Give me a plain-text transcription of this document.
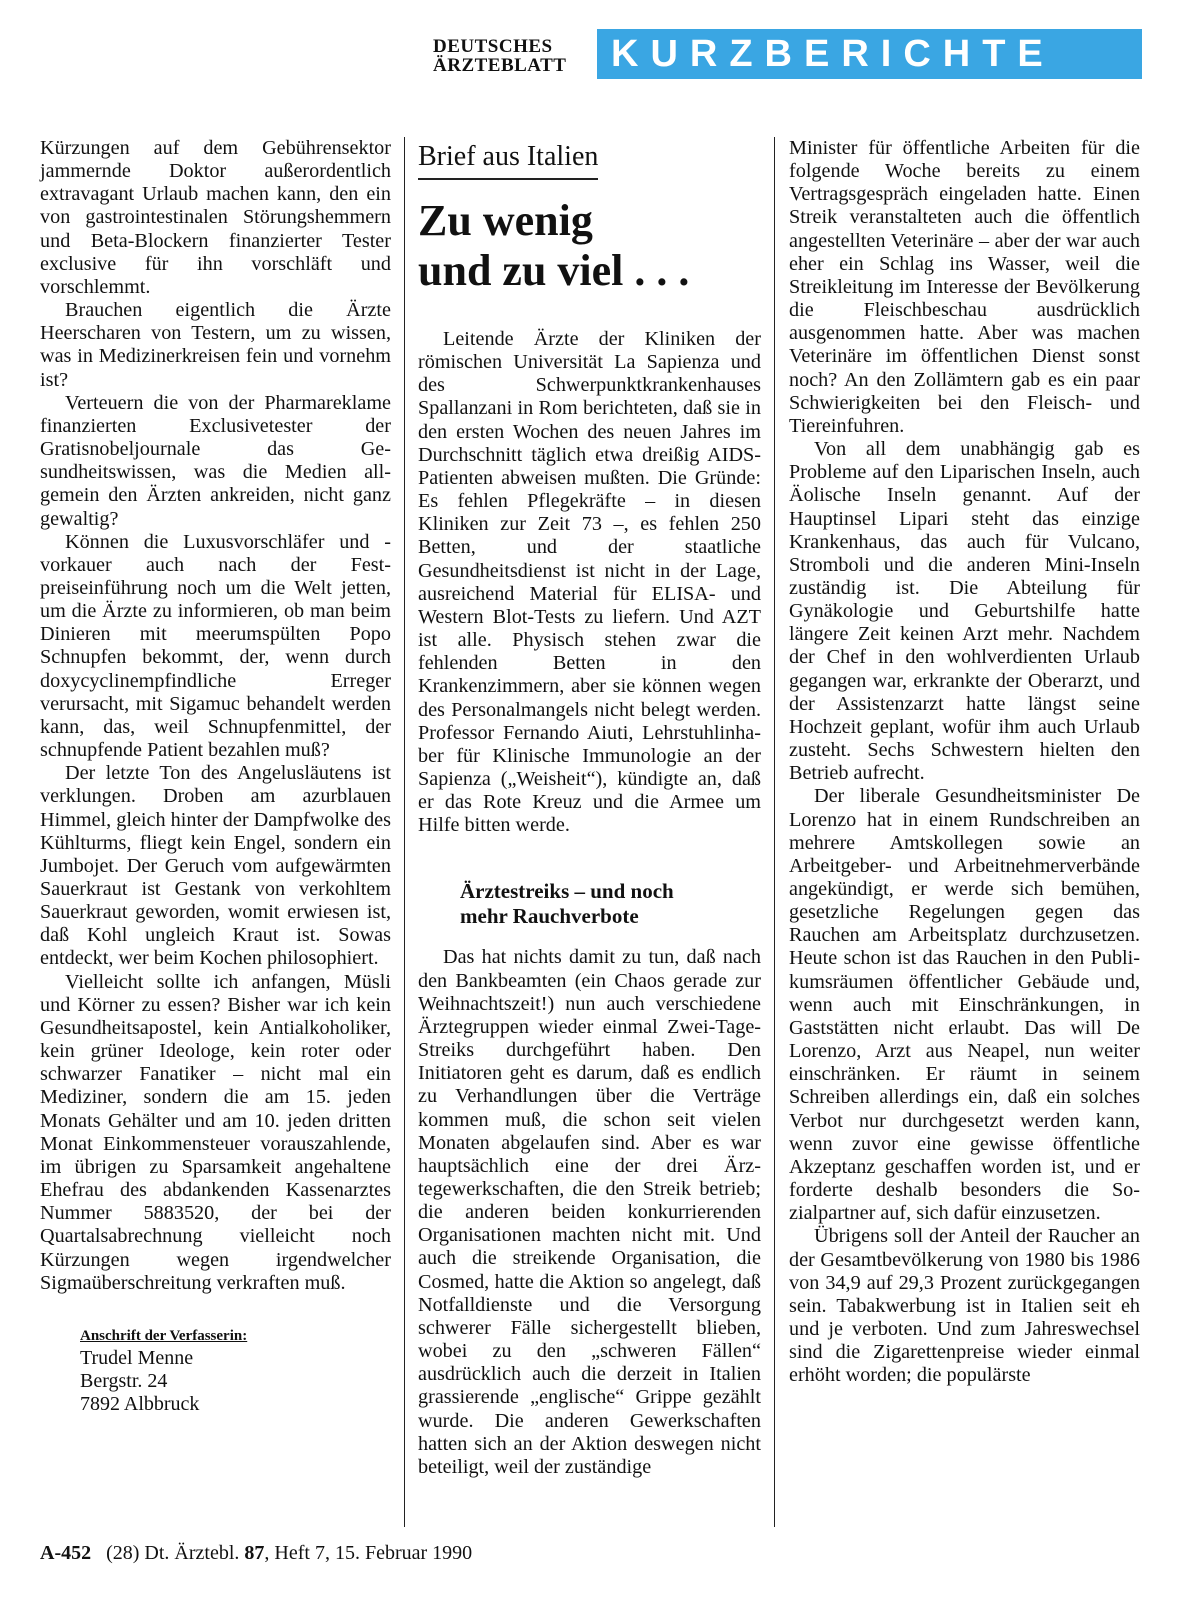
DEUTSCHES
ÄRZTEBLATT	KURZBERICHTE

Kürzungen auf dem Gebührensektor jammernde Doktor außerordentlich extravagant Urlaub machen kann, den ein von gastrointestinalen Störungshemmern und Beta-Blockern finanzierter Tester exclusive für ihn vorschläft und vorschlemmt.

Brauchen eigentlich die Ärzte Heerscharen von Testern, um zu wissen, was in Medizinerkreisen fein und vornehm ist?

Verteuern die von der Pharmareklame finanzierten Exclusivetester der Gratisnobeljournale das Gesundheitswissen, was die Medien allgemein den Ärzten ankreiden, nicht ganz gewaltig?

Können die Luxusvorschläfer und -vorkauer auch nach der Festpreiseinführung noch um die Welt jetten, um die Ärzte zu informieren, ob man beim Dinieren mit meerumspülten Popo Schnupfen bekommt, der, wenn durch doxycyclinempfindliche Erreger verursacht, mit Sigamuc behandelt werden kann, das, weil Schnupfenmittel, der schnupfende Patient bezahlen muß?

Der letzte Ton des Angelusläutens ist verklungen. Droben am azurblauen Himmel, gleich hinter der Dampfwolke des Kühlturms, fliegt kein Engel, sondern ein Jumbojet. Der Geruch vom aufgewärmten Sauerkraut ist Gestank von verkohltem Sauerkraut geworden, womit erwiesen ist, daß Kohl ungleich Kraut ist. Sowas entdeckt, wer beim Kochen philosophiert.

Vielleicht sollte ich anfangen, Müsli und Körner zu essen? Bisher war ich kein Gesundheitsapostel, kein Antialkoholiker, kein grüner Ideologe, kein roter oder schwarzer Fanatiker – nicht mal ein Mediziner, sondern die am 15. jeden Monats Gehälter und am 10. jeden dritten Monat Einkommensteuer vorauszahlende, im übrigen zu Sparsamkeit angehaltene Ehefrau des abdankenden Kassenarztes Nummer 5883520, der bei der Quartalsabrechnung vielleicht noch Kürzungen wegen irgendwelcher Sigmaüberschreitung verkraften muß.

Anschrift der Verfasserin:
Trudel Menne
Bergstr. 24
7892 Albbruck
Brief aus Italien
Zu wenig
und zu viel . . .

Leitende Ärzte der Kliniken der römischen Universität La Sapienza und des Schwerpunktkrankenhauses Spallanzani in Rom berichteten, daß sie in den ersten Wochen des neuen Jahres im Durchschnitt täglich etwa dreißig AIDS-Patienten abweisen mußten. Die Gründe: Es fehlen Pflegekräfte – in diesen Kliniken zur Zeit 73 –, es fehlen 250 Betten, und der staatliche Gesundheitsdienst ist nicht in der Lage, ausreichend Material für ELISA- und Western Blot-Tests zu liefern. Und AZT ist alle. Physisch stehen zwar die fehlenden Betten in den Krankenzimmern, aber sie können wegen des Personalmangels nicht belegt werden. Professor Fernando Aiuti, Lehrstuhlinhaber für Klinische Immunologie an der Sapienza („Weisheit“), kündigte an, daß er das Rote Kreuz und die Armee um Hilfe bitten werde.

Ärztestreiks – und noch
mehr Rauchverbote

Das hat nichts damit zu tun, daß nach den Bankbeamten (ein Chaos gerade zur Weihnachtszeit!) nun auch verschiedene Ärztegruppen wieder einmal Zwei-Tage-Streiks durchgeführt haben. Den Initiatoren geht es darum, daß es endlich zu Verhandlungen über die Verträge kommen muß, die schon seit vielen Monaten abgelaufen sind. Aber es war hauptsächlich eine der drei Ärztegewerkschaften, die den Streik betrieb; die anderen beiden konkurrierenden Organisationen machten nicht mit. Und auch die streikende Organisation, die Cosmed, hatte die Aktion so angelegt, daß Notfalldienste und die Versorgung schwerer Fälle sichergestellt blieben, wobei zu den „schweren Fällen“ ausdrücklich auch die derzeit in Italien grassierende „englische“ Grippe gezählt wurde. Die anderen Gewerkschaften hatten sich an der Aktion deswegen nicht beteiligt, weil der zuständige

Minister für öffentliche Arbeiten für die folgende Woche bereits zu einem Vertragsgespräch eingeladen hatte. Einen Streik veranstalteten auch die öffentlich angestellten Veterinäre – aber der war auch eher ein Schlag ins Wasser, weil die Streikleitung im Interesse der Bevölkerung die Fleischbeschau ausdrücklich ausgenommen hatte. Aber was machen Veterinäre im öffentlichen Dienst sonst noch? An den Zollämtern gab es ein paar Schwierigkeiten bei den Fleisch- und Tiereinfuhren.

Von all dem unabhängig gab es Probleme auf den Liparischen Inseln, auch Äolische Inseln genannt. Auf der Hauptinsel Lipari steht das einzige Krankenhaus, das auch für Vulcano, Stromboli und die anderen Mini-Inseln zuständig ist. Die Abteilung für Gynäkologie und Geburtshilfe hatte längere Zeit keinen Arzt mehr. Nachdem der Chef in den wohlverdienten Urlaub gegangen war, erkrankte der Oberarzt, und der Assistenzarzt hatte längst seine Hochzeit geplant, wofür ihm auch Urlaub zusteht. Sechs Schwestern hielten den Betrieb aufrecht.

Der liberale Gesundheitsminister De Lorenzo hat in einem Rundschreiben an mehrere Amtskollegen sowie an Arbeitgeber- und Arbeitnehmerverbände angekündigt, er werde sich bemühen, gesetzliche Regelungen gegen das Rauchen am Arbeitsplatz durchzusetzen. Heute schon ist das Rauchen in den Publikumsräumen öffentlicher Gebäude und, wenn auch mit Einschränkungen, in Gaststätten nicht erlaubt. Das will De Lorenzo, Arzt aus Neapel, nun weiter einschränken. Er räumt in seinem Schreiben allerdings ein, daß ein solches Verbot nur durchgesetzt werden kann, wenn zuvor eine gewisse öffentliche Akzeptanz geschaffen worden ist, und er forderte deshalb besonders die Sozialpartner auf, sich dafür einzusetzen.

Übrigens soll der Anteil der Raucher an der Gesamtbevölkerung von 1980 bis 1986 von 34,9 auf 29,3 Prozent zurückgegangen sein. Tabakwerbung ist in Italien seit eh und je verboten. Und zum Jahreswechsel sind die Zigarettenpreise wieder einmal erhöht worden; die populärste

A-452 (28) Dt. Ärztebl. 87, Heft 7, 15. Februar 1990
